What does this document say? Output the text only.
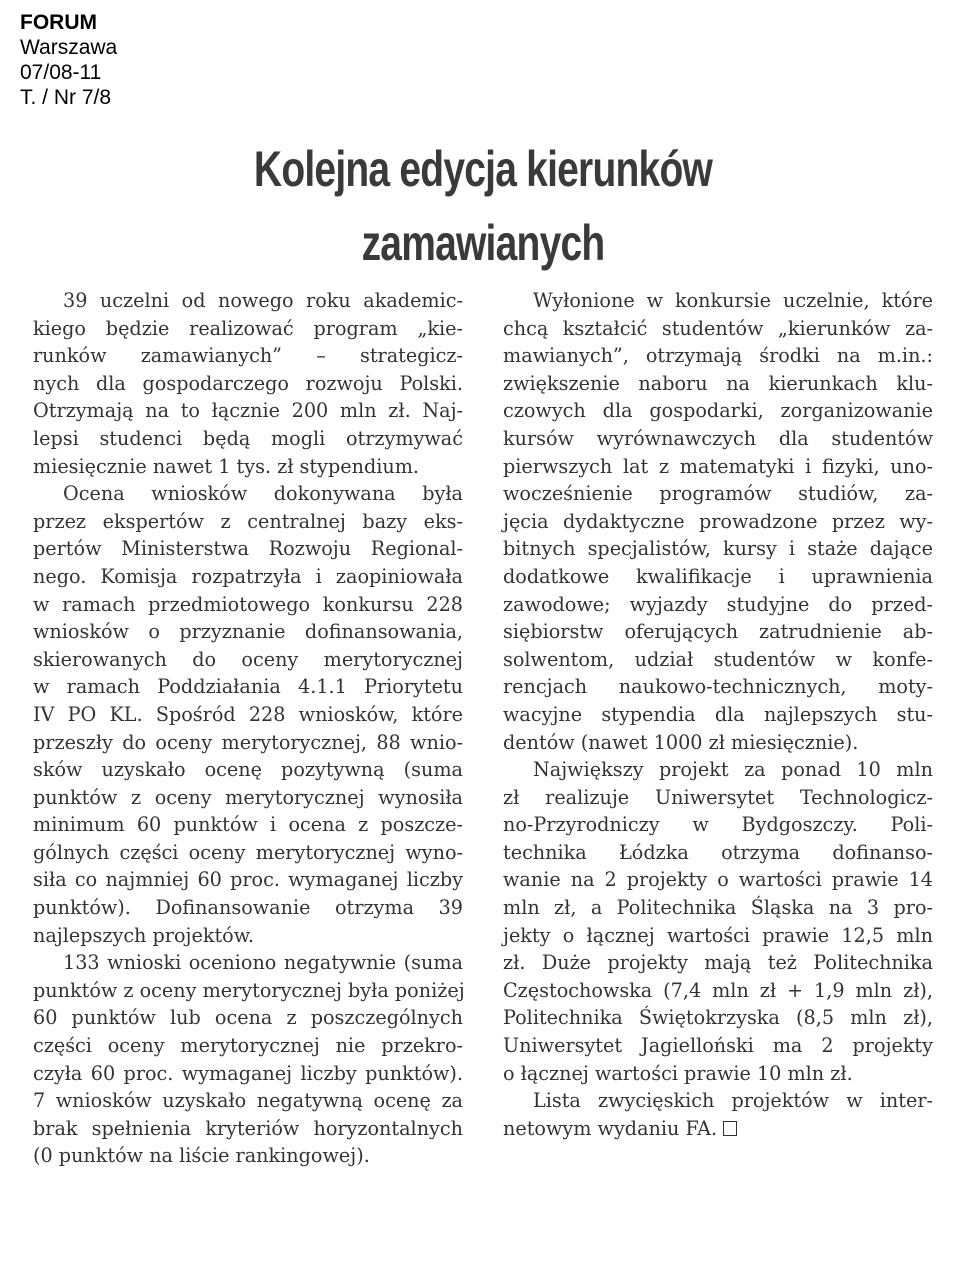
FORUM
Warszawa
07/08-11
T. / Nr 7/8
Kolejna edycja kierunków
zamawianych
39 uczelni od nowego roku akademic-
kiego będzie realizować program „kie-
runków zamawianych” – strategicz-
nych dla gospodarczego rozwoju Polski.
Otrzymają na to łącznie 200 mln zł. Naj-
lepsi studenci będą mogli otrzymywać
miesięcznie nawet 1 tys. zł stypendium.
Ocena wniosków dokonywana była
przez ekspertów z centralnej bazy eks-
pertów Ministerstwa Rozwoju Regional-
nego. Komisja rozpatrzyła i zaopiniowała
w ramach przedmiotowego konkursu 228
wniosków o przyznanie dofinansowania,
skierowanych do oceny merytorycznej
w ramach Poddziałania 4.1.1 Priorytetu
IV PO KL. Spośród 228 wniosków, które
przeszły do oceny merytorycznej, 88 wnio-
sków uzyskało ocenę pozytywną (suma
punktów z oceny merytorycznej wynosiła
minimum 60 punktów i ocena z poszcze-
gólnych części oceny merytorycznej wyno-
siła co najmniej 60 proc. wymaganej liczby
punktów). Dofinansowanie otrzyma 39
najlepszych projektów.
133 wnioski oceniono negatywnie (suma
punktów z oceny merytorycznej była poniżej
60 punktów lub ocena z poszczególnych
części oceny merytorycznej nie przekro-
czyła 60 proc. wymaganej liczby punktów).
7 wniosków uzyskało negatywną ocenę za
brak spełnienia kryteriów horyzontalnych
(0 punktów na liście rankingowej).
Wyłonione w konkursie uczelnie, które
chcą kształcić studentów „kierunków za-
mawianych”, otrzymają środki na m.in.:
zwiększenie naboru na kierunkach klu-
czowych dla gospodarki, zorganizowanie
kursów wyrównawczych dla studentów
pierwszych lat z matematyki i fizyki, uno-
wocześnienie programów studiów, za-
jęcia dydaktyczne prowadzone przez wy-
bitnych specjalistów, kursy i staże dające
dodatkowe kwalifikacje i uprawnienia
zawodowe; wyjazdy studyjne do przed-
siębiorstw oferujących zatrudnienie ab-
solwentom, udział studentów w konfe-
rencjach naukowo-technicznych, moty-
wacyjne stypendia dla najlepszych stu-
dentów (nawet 1000 zł miesięcznie).
Największy projekt za ponad 10 mln
zł realizuje Uniwersytet Technologicz-
no-Przyrodniczy w Bydgoszczy. Poli-
technika Łódzka otrzyma dofinanso-
wanie na 2 projekty o wartości prawie 14
mln zł, a Politechnika Śląska na 3 pro-
jekty o łącznej wartości prawie 12,5 mln
zł. Duże projekty mają też Politechnika
Częstochowska (7,4 mln zł + 1,9 mln zł),
Politechnika Świętokrzyska (8,5 mln zł),
Uniwersytet Jagielloński ma 2 projekty
o łącznej wartości prawie 10 mln zł.
Lista zwycięskich projektów w inter-
netowym wydaniu FA.
